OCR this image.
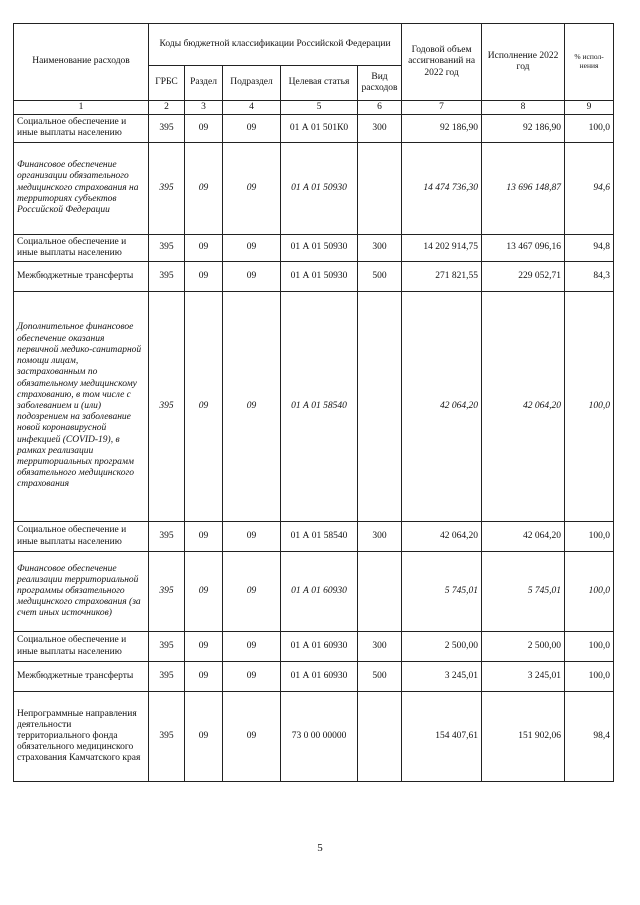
Наименование расходов	Коды бюджетной классификации Российской Федерации					Годовой объем ассигнований на 2022 год	Исполнение 2022 год	% испол-нения
	ГРБС	Раздел	Подраздел	Целевая статья	Вид расходов			
1	2	3	4	5	6	7	8	9
Социальное обеспечение и иные выплаты населению	395	09	09	01 А 01 501К0	300	92 186,90	92 186,90	100,0
Финансовое обеспечение организации обязательного медицинского страхования на территориях субъектов Российской Федерации	395	09	09	01 А 01 50930		14 474 736,30	13 696 148,87	94,6
Социальное обеспечение и иные выплаты населению	395	09	09	01 А 01 50930	300	14 202 914,75	13 467 096,16	94,8
Межбюджетные трансферты	395	09	09	01 А 01 50930	500	271 821,55	229 052,71	84,3
Дополнительное финансовое обеспечение оказания первичной медико-санитарной помощи лицам, застрахованным по обязательному медицинскому страхованию, в том числе с заболеванием и (или) подозрением на заболевание новой коронавирусной инфекцией (COVID-19), в рамках реализации территориальных программ обязательного медицинского страхования	395	09	09	01 А 01 58540		42 064,20	42 064,20	100,0
Социальное обеспечение и иные выплаты населению	395	09	09	01 А 01 58540	300	42 064,20	42 064,20	100,0
Финансовое обеспечение реализации территориальной программы обязательного медицинского страхования (за счет иных источников)	395	09	09	01 А 01 60930		5 745,01	5 745,01	100,0
Социальное обеспечение и иные выплаты населению	395	09	09	01 А 01 60930	300	2 500,00	2 500,00	100,0
Межбюджетные трансферты	395	09	09	01 А 01 60930	500	3 245,01	3 245,01	100,0
Непрограммные направления деятельности территориального фонда обязательного медицинского страхования Камчатского края	395	09	09	73 0 00 00000		154 407,61	151 902,06	98,4
5
